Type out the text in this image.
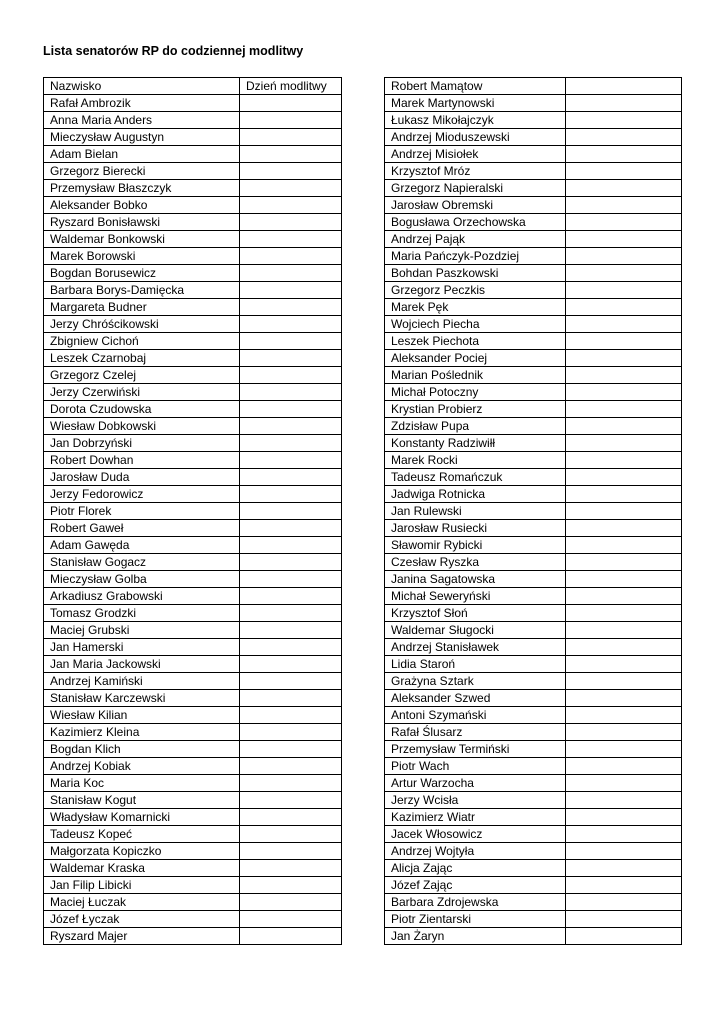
Lista senatorów RP do codziennej modlitwy
Nazwisko	Dzień modlitwy
Rafał Ambrozik	
Anna Maria Anders	
Mieczysław Augustyn	
Adam Bielan	
Grzegorz Bierecki	
Przemysław Błaszczyk	
Aleksander Bobko	
Ryszard Bonisławski	
Waldemar Bonkowski	
Marek Borowski	
Bogdan Borusewicz	
Barbara Borys-Damięcka	
Margareta Budner	
Jerzy Chróścikowski	
Zbigniew Cichoń	
Leszek Czarnobaj	
Grzegorz Czelej	
Jerzy Czerwiński	
Dorota Czudowska	
Wiesław Dobkowski	
Jan Dobrzyński	
Robert Dowhan	
Jarosław Duda	
Jerzy Fedorowicz	
Piotr Florek	
Robert Gaweł	
Adam Gawęda	
Stanisław Gogacz	
Mieczysław Golba	
Arkadiusz Grabowski	
Tomasz Grodzki	
Maciej Grubski	
Jan Hamerski	
Jan Maria Jackowski	
Andrzej Kamiński	
Stanisław Karczewski	
Wiesław Kilian	
Kazimierz Kleina	
Bogdan Klich	
Andrzej Kobiak	
Maria Koc	
Stanisław Kogut	
Władysław Komarnicki	
Tadeusz Kopeć	
Małgorzata Kopiczko	
Waldemar Kraska	
Jan Filip Libicki	
Maciej Łuczak	
Józef Łyczak	
Ryszard Majer	
Robert Mamątow	
Marek Martynowski	
Łukasz Mikołajczyk	
Andrzej Mioduszewski	
Andrzej Misiołek	
Krzysztof Mróz	
Grzegorz Napieralski	
Jarosław Obremski	
Bogusława Orzechowska	
Andrzej Pająk	
Maria Pańczyk-Pozdziej	
Bohdan Paszkowski	
Grzegorz Peczkis	
Marek Pęk	
Wojciech Piecha	
Leszek Piechota	
Aleksander Pociej	
Marian Poślednik	
Michał Potoczny	
Krystian Probierz	
Zdzisław Pupa	
Konstanty Radziwiłł	
Marek Rocki	
Tadeusz Romańczuk	
Jadwiga Rotnicka	
Jan Rulewski	
Jarosław Rusiecki	
Sławomir Rybicki	
Czesław Ryszka	
Janina Sagatowska	
Michał Seweryński	
Krzysztof Słoń	
Waldemar Sługocki	
Andrzej Stanisławek	
Lidia Staroń	
Grażyna Sztark	
Aleksander Szwed	
Antoni Szymański	
Rafał Ślusarz	
Przemysław Termiński	
Piotr Wach	
Artur Warzocha	
Jerzy Wcisła	
Kazimierz Wiatr	
Jacek Włosowicz	
Andrzej Wojtyła	
Alicja Zając	
Józef Zając	
Barbara Zdrojewska	
Piotr Zientarski	
Jan Żaryn	
